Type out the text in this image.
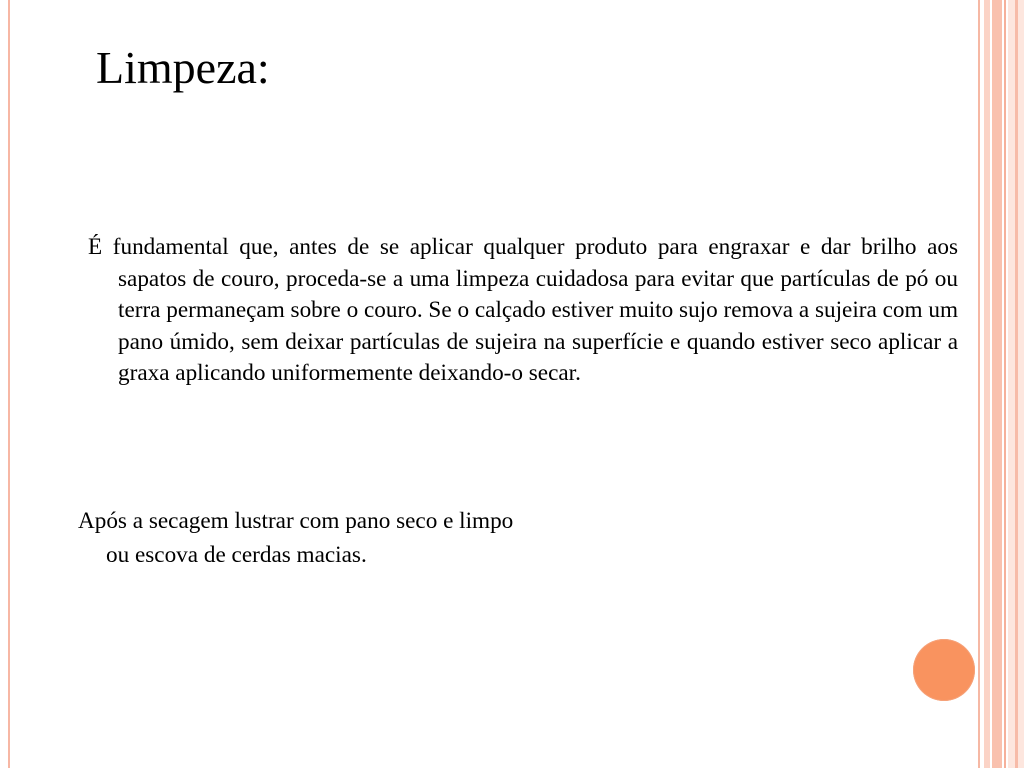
Limpeza:

É fundamental que, antes de se aplicar qualquer produto para engraxar e dar brilho aos sapatos de couro, proceda-se a uma limpeza cuidadosa para evitar que partículas de pó ou terra permaneçam sobre o couro. Se o calçado estiver muito sujo remova a sujeira com um pano úmido, sem deixar partículas de sujeira na superfície e quando estiver seco aplicar a graxa aplicando uniformemente deixando-o secar.

Após a secagem lustrar com pano seco e limpo
ou escova de cerdas macias.
